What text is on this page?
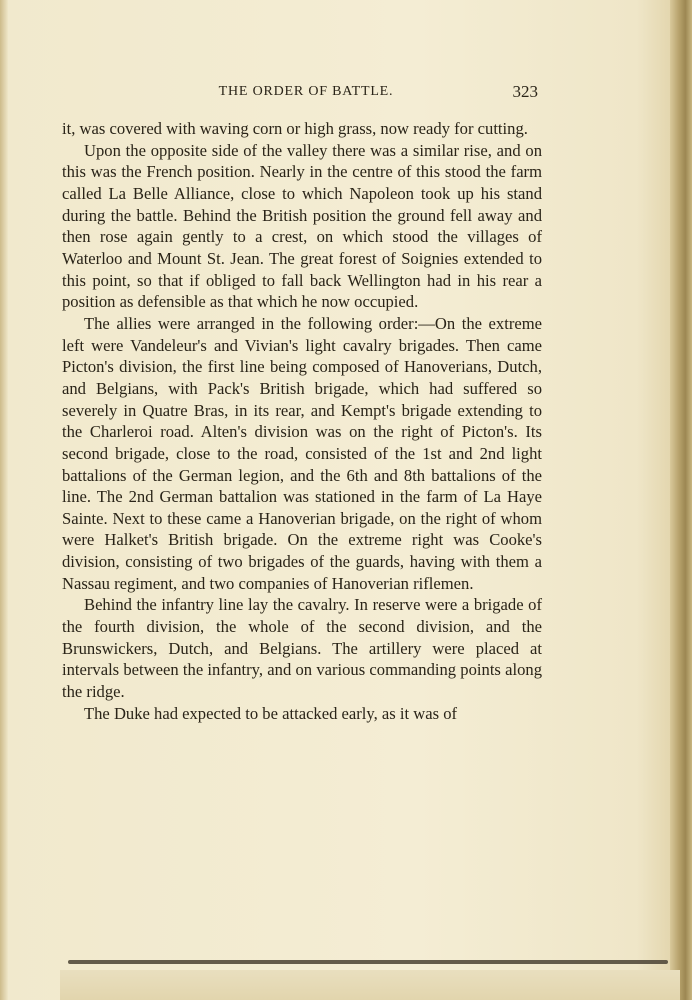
THE ORDER OF BATTLE.	323

it, was covered with waving corn or high grass, now ready for cutting.

Upon the opposite side of the valley there was a similar rise, and on this was the French position. Nearly in the centre of this stood the farm called La Belle Alliance, close to which Napoleon took up his stand during the battle. Behind the British position the ground fell away and then rose again gently to a crest, on which stood the villages of Waterloo and Mount St. Jean. The great forest of Soignies extended to this point, so that if obliged to fall back Wellington had in his rear a position as defensible as that which he now occupied.

The allies were arranged in the following order:—On the extreme left were Vandeleur's and Vivian's light cavalry brigades. Then came Picton's division, the first line being composed of Hanoverians, Dutch, and Belgians, with Pack's British brigade, which had suffered so severely in Quatre Bras, in its rear, and Kempt's brigade extending to the Charleroi road. Alten's division was on the right of Picton's. Its second brigade, close to the road, consisted of the 1st and 2nd light battalions of the German legion, and the 6th and 8th battalions of the line. The 2nd German battalion was stationed in the farm of La Haye Sainte. Next to these came a Hanoverian brigade, on the right of whom were Halket's British brigade. On the extreme right was Cooke's division, consisting of two brigades of the guards, having with them a Nassau regiment, and two companies of Hanoverian riflemen.

Behind the infantry line lay the cavalry. In reserve were a brigade of the fourth division, the whole of the second division, and the Brunswickers, Dutch, and Belgians. The artillery were placed at intervals between the infantry, and on various commanding points along the ridge.

The Duke had expected to be attacked early, as it was of
